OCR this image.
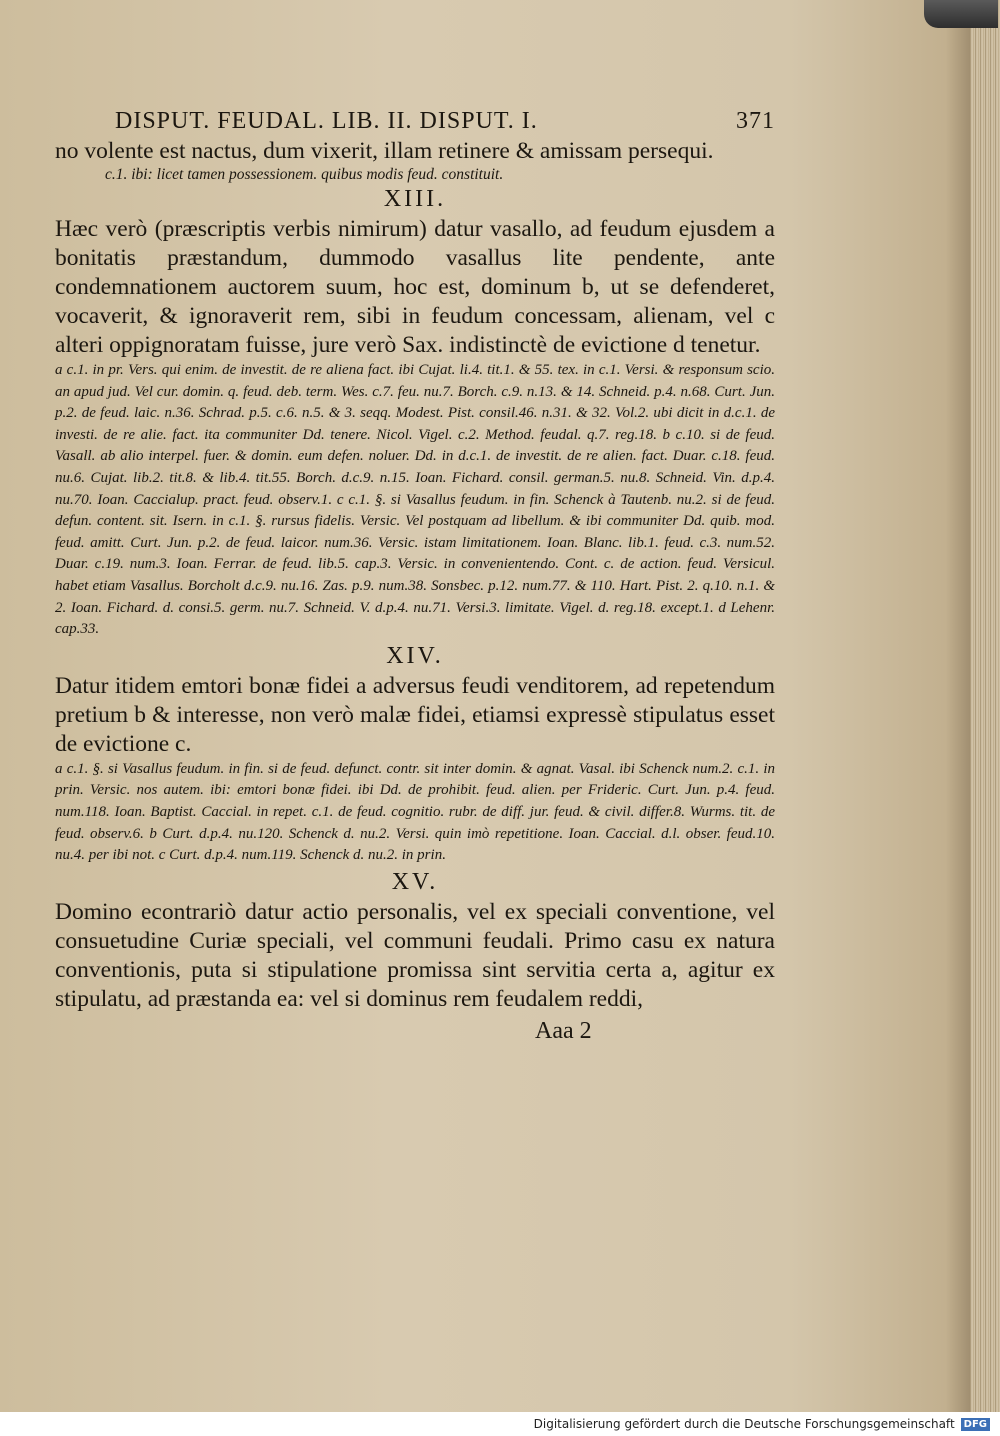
DISPUT. FEUDAL. LIB. II. DISPUT. I.	371
no volente est nactus, dum vixerit, illam retinere & amissam persequi.
c.1. ibi: licet tamen possessionem. quibus modis feud. constituit.
XIII.
Hæc verò (præscriptis verbis nimirum) datur vasallo, ad feudum ejusdem a bonitatis præstandum, dummodo vasallus lite pendente, ante condemnationem auctorem suum, hoc est, dominum b, ut se defenderet, vocaverit, & ignoraverit rem, sibi in feudum concessam, alienam, vel c alteri oppignoratam fuisse, jure verò Sax. indistinctè de evictione d tenetur.
a c.1. in pr. Vers. qui enim. de investit. de re aliena fact. ibi Cujat. li.4. tit.1. & 55. tex. in c.1. Versi. & responsum scio. an apud jud. Vel cur. domin. q. feud. deb. term. Wes. c.7. feu. nu.7. Borch. c.9. n.13. & 14. Schneid. p.4. n.68. Curt. Jun. p.2. de feud. laic. n.36. Schrad. p.5. c.6. n.5. & 3. seqq. Modest. Pist. consil.46. n.31. & 32. Vol.2. ubi dicit in d.c.1. de investi. de re alie. fact. ita communiter Dd. tenere. Nicol. Vigel. c.2. Method. feudal. q.7. reg.18. b c.10. si de feud. Vasall. ab alio interpel. fuer. & domin. eum defen. noluer. Dd. in d.c.1. de investit. de re alien. fact. Duar. c.18. feud. nu.6. Cujat. lib.2. tit.8. & lib.4. tit.55. Borch. d.c.9. n.15. Ioan. Fichard. consil. german.5. nu.8. Schneid. Vin. d.p.4. nu.70. Ioan. Caccialup. pract. feud. observ.1. c c.1. §. si Vasallus feudum. in fin. Schenck à Tautenb. nu.2. si de feud. defun. content. sit. Isern. in c.1. §. rursus fidelis. Versic. Vel postquam ad libellum. & ibi communiter Dd. quib. mod. feud. amitt. Curt. Jun. p.2. de feud. laicor. num.36. Versic. istam limitationem. Ioan. Blanc. lib.1. feud. c.3. num.52. Duar. c.19. num.3. Ioan. Ferrar. de feud. lib.5. cap.3. Versic. in convenientendo. Cont. c. de action. feud. Versicul. habet etiam Vasallus. Borcholt d.c.9. nu.16. Zas. p.9. num.38. Sonsbec. p.12. num.77. & 110. Hart. Pist. 2. q.10. n.1. & 2. Ioan. Fichard. d. consi.5. germ. nu.7. Schneid. V. d.p.4. nu.71. Versi.3. limitate. Vigel. d. reg.18. except.1. d Lehenr. cap.33.
XIV.
Datur itidem emtori bonæ fidei a adversus feudi venditorem, ad repetendum pretium b & interesse, non verò malæ fidei, etiamsi expressè stipulatus esset de evictione c.
a c.1. §. si Vasallus feudum. in fin. si de feud. defunct. contr. sit inter domin. & agnat. Vasal. ibi Schenck num.2. c.1. in prin. Versic. nos autem. ibi: emtori bonæ fidei. ibi Dd. de prohibit. feud. alien. per Frideric. Curt. Jun. p.4. feud. num.118. Ioan. Baptist. Caccial. in repet. c.1. de feud. cognitio. rubr. de diff. jur. feud. & civil. differ.8. Wurms. tit. de feud. observ.6. b Curt. d.p.4. nu.120. Schenck d. nu.2. Versi. quin imò repetitione. Ioan. Caccial. d.l. obser. feud.10. nu.4. per ibi not. c Curt. d.p.4. num.119. Schenck d. nu.2. in prin.
XV.
Domino econtrariò datur actio personalis, vel ex speciali conventione, vel consuetudine Curiæ speciali, vel communi feudali. Primo casu ex natura conventionis, puta si stipulatione promissa sint servitia certa a, agitur ex stipulatu, ad præstanda ea: vel si dominus rem feudalem reddi,
Aaa 2
Digitalisierung gefördert durch die Deutsche Forschungsgemeinschaft DFG
